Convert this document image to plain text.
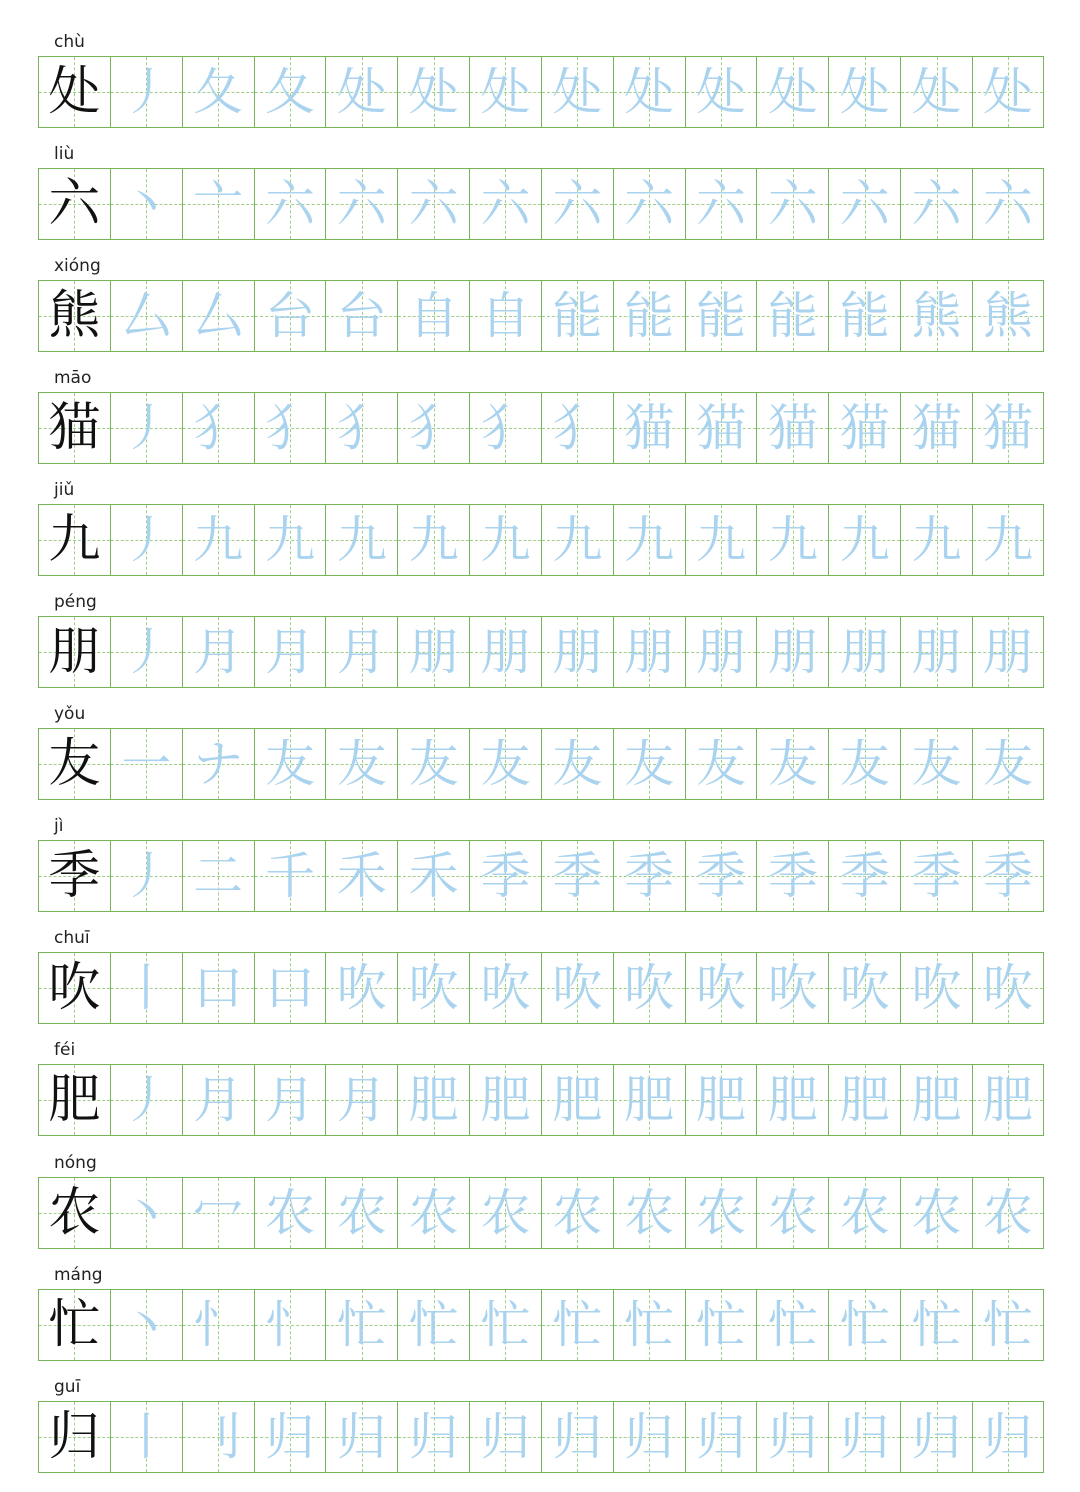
chù
处 丿 夂 夂 处 处 处 处 处 处 处 处 处 处
liù
六 丶 亠 六 六 六 六 六 六 六 六 六 六 六
xióng
熊 厶 厶 台 台 自 自 能 能 能 能 能 熊 熊
māo
猫 丿 犭 犭 犭 犭 犭 犭 猫 猫 猫 猫 猫 猫
jiǔ
九 丿 九 九 九 九 九 九 九 九 九 九 九 九
péng
朋 丿 月 月 月 朋 朋 朋 朋 朋 朋 朋 朋 朋
yǒu
友 一 ナ 友 友 友 友 友 友 友 友 友 友 友
jì
季 丿 二 千 禾 禾 季 季 季 季 季 季 季 季
chuī
吹 丨 口 口 吹 吹 吹 吹 吹 吹 吹 吹 吹 吹
féi
肥 丿 月 月 月 肥 肥 肥 肥 肥 肥 肥 肥 肥
nóng
农 丶 冖 农 农 农 农 农 农 农 农 农 农 农
máng
忙 丶 忄 忄 忙 忙 忙 忙 忙 忙 忙 忙 忙 忙
guī
归 丨 刂 归 归 归 归 归 归 归 归 归 归 归
